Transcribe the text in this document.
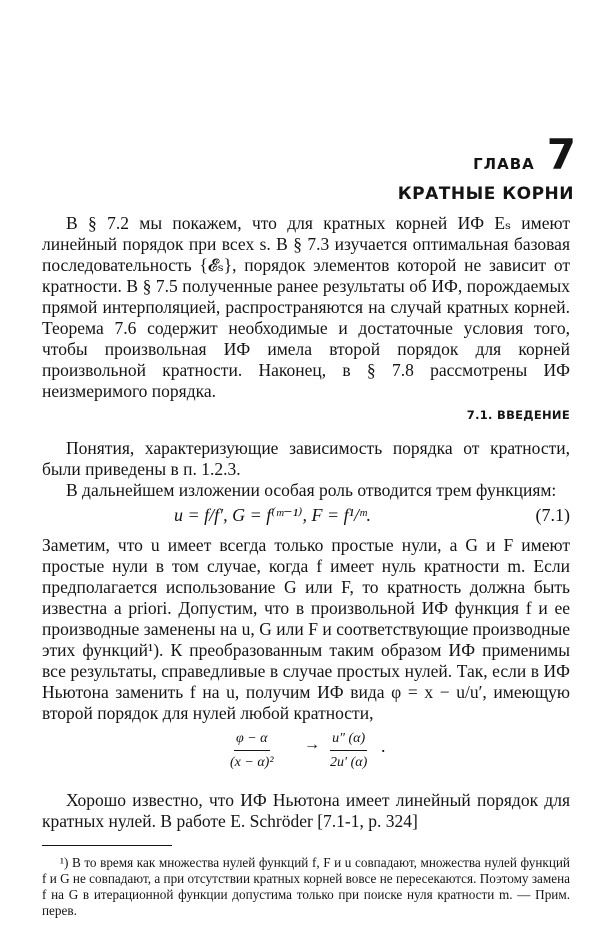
ГЛАВА 7
КРАТНЫЕ КОРНИ

В § 7.2 мы покажем, что для кратных корней ИФ Eₛ имеют линейный порядок при всех s. В § 7.3 изучается оптимальная базовая последовательность {𝓔ₛ}, порядок элементов которой не зависит от кратности. В § 7.5 полученные ранее результаты об ИФ, порождаемых прямой интерполяцией, распространяются на случай кратных корней. Теорема 7.6 содержит необходимые и достаточные условия того, чтобы произвольная ИФ имела второй порядок для корней произвольной кратности. Наконец, в § 7.8 рассмотрены ИФ неизмеримого порядка.

7.1. ВВЕДЕНИЕ

Понятия, характеризующие зависимость порядка от кратности, были приведены в п. 1.2.3.

В дальнейшем изложении особая роль отводится трем функциям:

u = f/f′, G = f⁽ᵐ⁻¹⁾, F = f¹/ᵐ.	(7.1)

Заметим, что u имеет всегда только простые нули, а G и F имеют простые нули в том случае, когда f имеет нуль кратности m. Если предполагается использование G или F, то кратность должна быть известна a priori. Допустим, что в произвольной ИФ функция f и ее производные заменены на u, G или F и соответствующие производные этих функций¹). К преобразованным таким образом ИФ применимы все результаты, справедливые в случае простых нулей. Так, если в ИФ Ньютона заменить f на u, получим ИФ вида φ = x − u/u′, имеющую второй порядок для нулей любой кратности,

$\frac{\varphi - \alpha}{\text{(x − α)²}} \to \frac{u'' (\alpha)}{2u' (\alpha)}$ .

Хорошо известно, что ИФ Ньютона имеет линейный порядок для кратных нулей. В работе E. Schröder [7.1-1, p. 324]

¹) В то время как множества нулей функций f, F и u совпадают, множества нулей функций f и G не совпадают, а при отсутствии кратных корней вовсе не пересекаются. Поэтому замена f на G в итерационной функции допустима только при поиске нуля кратности m. — Прим. перев.
